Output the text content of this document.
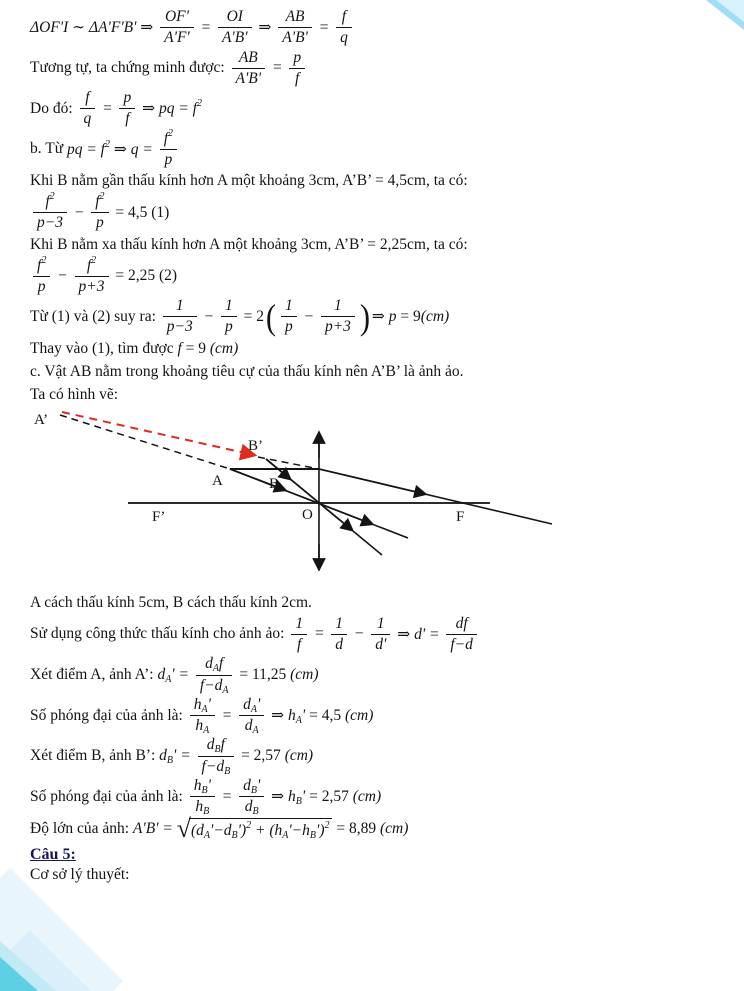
ΔOF'I ∼ ΔA'F'B' ⇒ $\frac{OF'}{A'F'} = \frac{OI}{A'B'}$ ⇒ $\frac{AB}{A'B'} = \frac{f}{q}$
Tương tự, ta chứng minh được: $\frac{AB}{A'B'} = \frac{p}{f}$
Do đó: $\frac{f}{q} = \frac{p}{f}$ ⇒ pq = $f^2$
b. Từ pq = $f^2$ ⇒ $q = \frac{f^2}{p}$
Khi B nằm gần thấu kính hơn A một khoảng 3cm, A’B’ = 4,5cm, ta có:
$\frac{f^2}{p-3} - \frac{f^2}{p} = 4,5$ (1)
Khi B nằm xa thấu kính hơn A một khoảng 3cm, A’B’ = 2,25cm, ta có:
$\frac{f^2}{p} - \frac{f^2}{p+3} = 2,25$ (2)
Từ (1) và (2) suy ra: $\frac{1}{p-3} - \frac{1}{p} = 2$ ( $\frac{1}{p} - \frac{1}{p+3}$ ) ⇒ p = 9 (cm)
Thay vào (1), tìm được f = 9 (cm)
c. Vật AB nằm trong khoảng tiêu cự của thấu kính nên A’B’ là ảnh ảo.
Ta có hình vẽ:
A’
B’
A	B
O
F’	F
A cách thấu kính 5cm, B cách thấu kính 2cm.
Sử dụng công thức thấu kính cho ảnh ảo: $\frac{1}{f} = \frac{1}{d} - \frac{1}{d'}$ ⇒ $d' = \frac{df}{f-d}$
Xét điểm A, ảnh A’: $d_A' = \frac{d_Af}{f-d_A} = 11,25$ (cm)
Số phóng đại của ảnh là: $\frac{h_A'}{h_A} = \frac{d_A'}{d_A}$ ⇒ $h_A' = 4,5$ (cm)
Xét điểm B, ảnh B’: $d_B' = \frac{d_Bf}{f-d_B} = 2,57$ (cm)
Số phóng đại của ảnh là: $\frac{h_B'}{h_B} = \frac{d_B'}{d_B}$ ⇒ $h_B' = 2,57$ (cm)
Độ lớn của ảnh: A'B' = √ $(d_A'-d_B')^2 + (h_A'-h_B')^2 = 8,89$ (cm)
Câu 5:
Cơ sở lý thuyết:
